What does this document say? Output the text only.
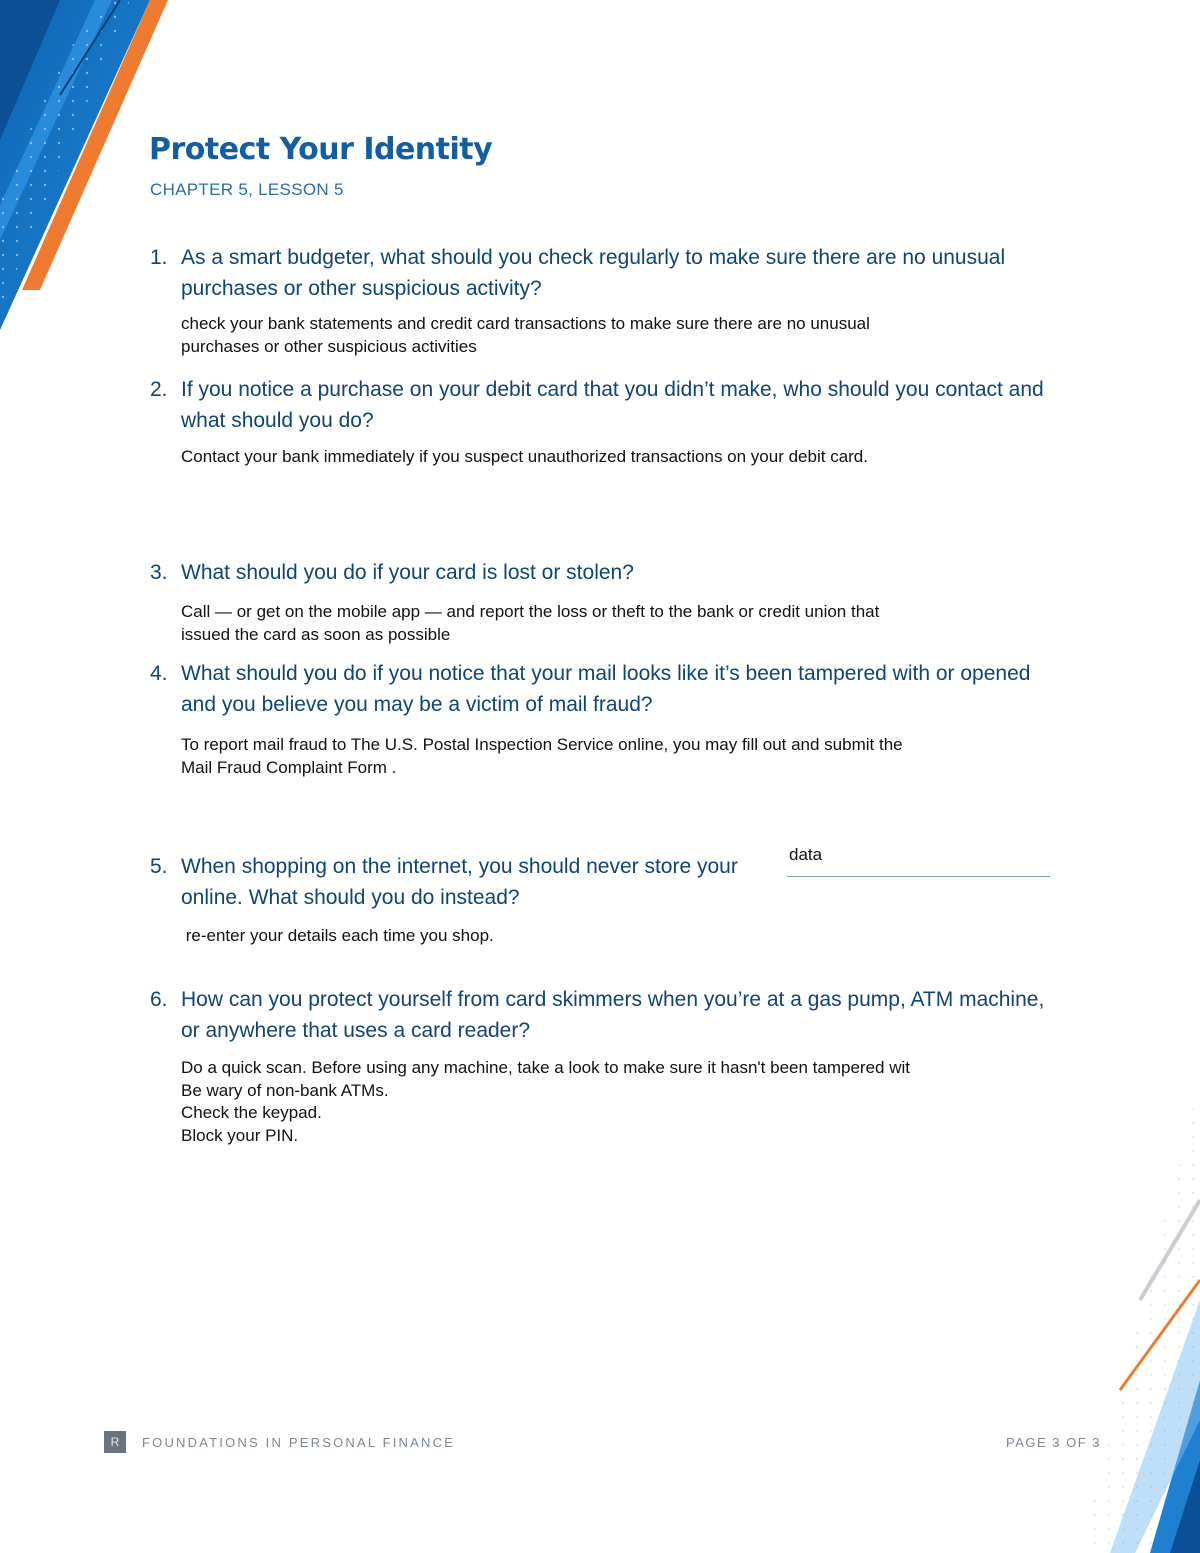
Protect Your Identity
CHAPTER 5, LESSON 5
1. As a smart budgeter, what should you check regularly to make sure there are no unusual purchases or other suspicious activity?
check your bank statements and credit card transactions to make sure there are no unusual
purchases or other suspicious activities
2. If you notice a purchase on your debit card that you didn’t make, who should you contact and what should you do?
Contact your bank immediately if you suspect unauthorized transactions on your debit card.
3. What should you do if your card is lost or stolen?
Call — or get on the mobile app — and report the loss or theft to the bank or credit union that
issued the card as soon as possible
4. What should you do if you notice that your mail looks like it’s been tampered with or opened and you believe you may be a victim of mail fraud?
To report mail fraud to The U.S. Postal Inspection Service online, you may fill out and submit the
Mail Fraud Complaint Form .
5. When shopping on the internet, you should never store your
online. What should you do instead?
data
re-enter your details each time you shop.
6. How can you protect yourself from card skimmers when you’re at a gas pump, ATM machine, or anywhere that uses a card reader?
Do a quick scan. Before using any machine, take a look to make sure it hasn't been tampered wit
Be wary of non-bank ATMs.
Check the keypad.
Block your PIN.
R	FOUNDATIONS IN PERSONAL FINANCE	PAGE 3 OF 3
